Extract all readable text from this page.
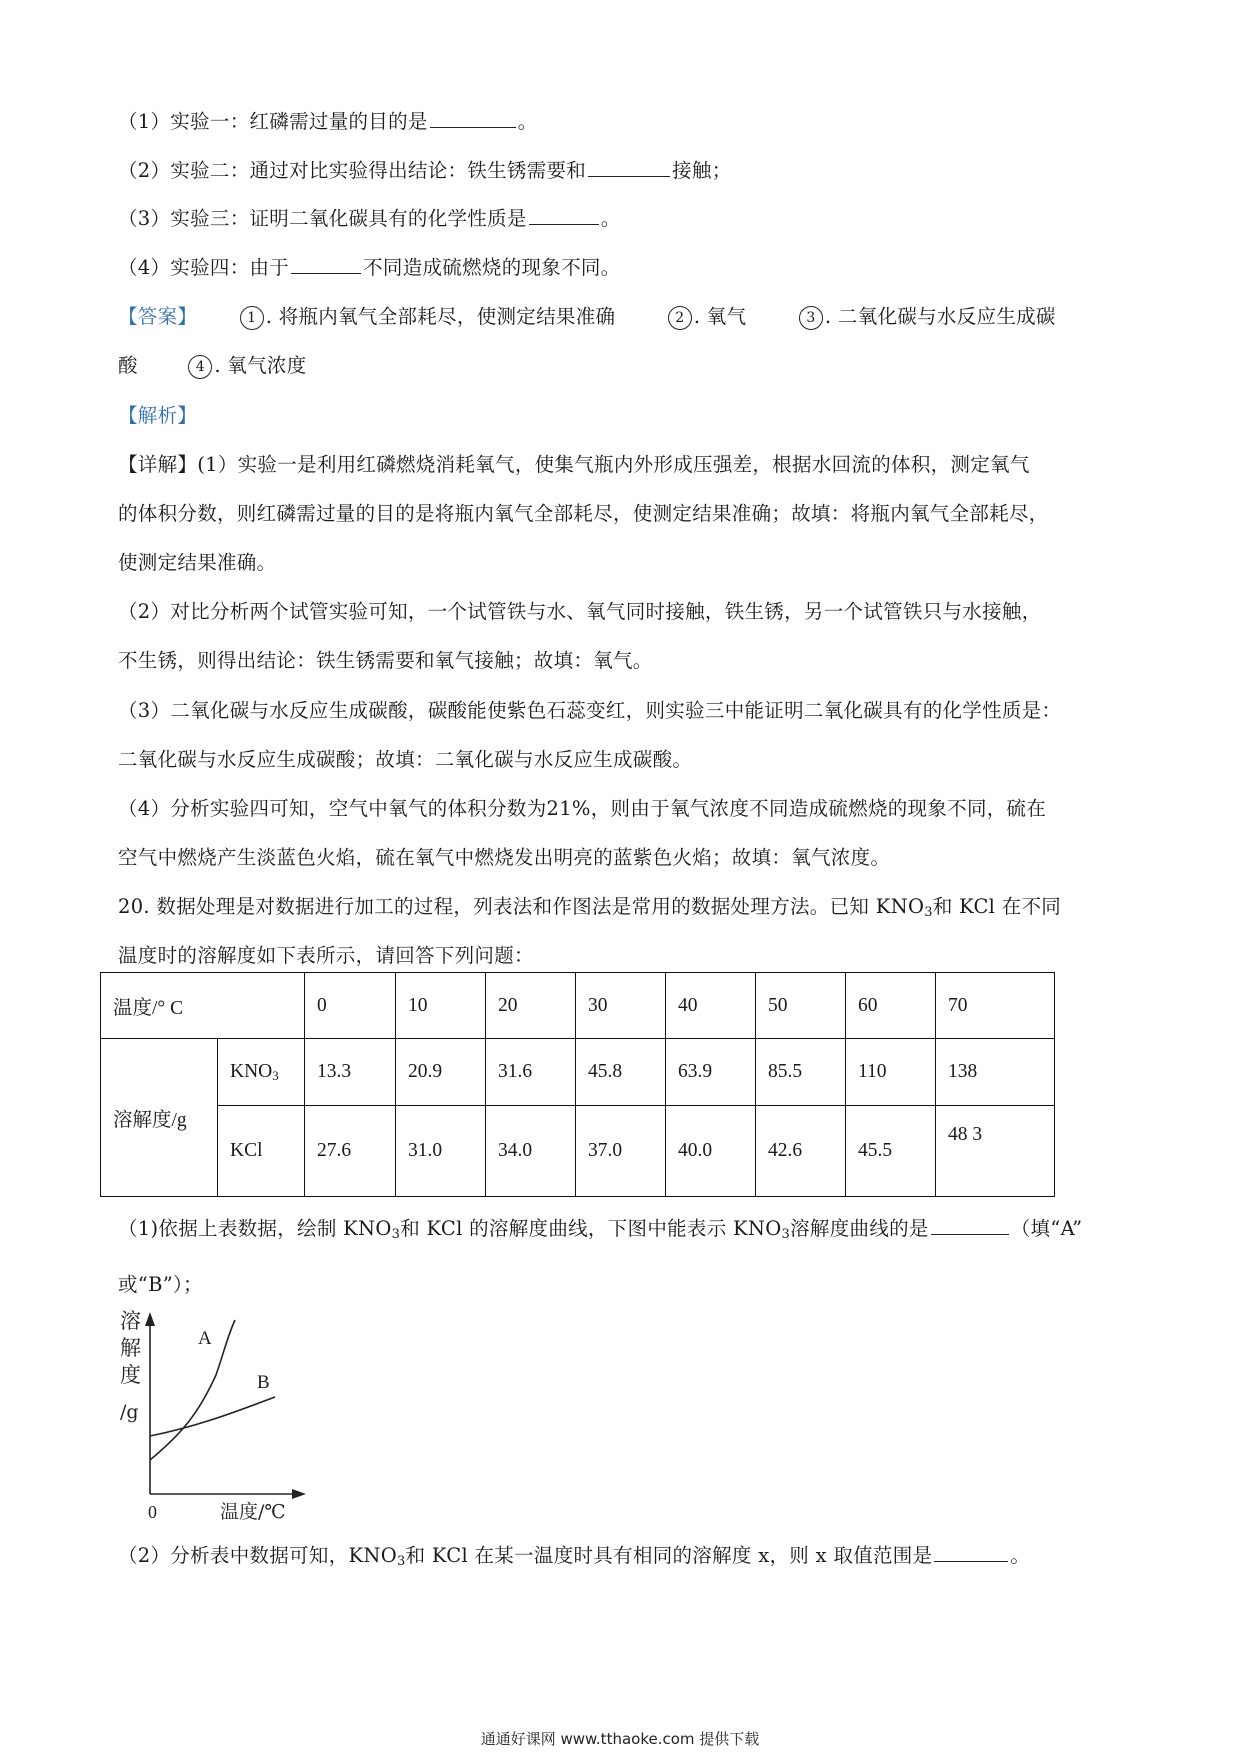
（1）实验一：红磷需过量的目的是	。
（2）实验二：通过对比实验得出结论：铁生锈需要和	接触；
（3）实验三：证明二氧化碳具有的化学性质是	。
（4）实验四：由于	不同造成硫燃烧的现象不同。
【答案】	1 . 将瓶内氧气全部耗尽，使测定结果准确	2 . 氧气	3 . 二氧化碳与水反应生成碳
酸	4 . 氧气浓度
【解析】
【详解】(1）实验一是利用红磷燃烧消耗氧气，使集气瓶内外形成压强差，根据水回流的体积，测定氧气
的体积分数，则红磷需过量的目的是将瓶内氧气全部耗尽，使测定结果准确；故填：将瓶内氧气全部耗尽，
使测定结果准确。
（2）对比分析两个试管实验可知，一个试管铁与水、氧气同时接触，铁生锈，另一个试管铁只与水接触，
不生锈，则得出结论：铁生锈需要和氧气接触；故填：氧气。
（3）二氧化碳与水反应生成碳酸，碳酸能使紫色石蕊变红，则实验三中能证明二氧化碳具有的化学性质是：
二氧化碳与水反应生成碳酸；故填：二氧化碳与水反应生成碳酸。
（4）分析实验四可知，空气中氧气的体积分数为21%，则由于氧气浓度不同造成硫燃烧的现象不同，硫在
空气中燃烧产生淡蓝色火焰，硫在氧气中燃烧发出明亮的蓝紫色火焰；故填：氧气浓度。
20. 数据处理是对数据进行加工的过程，列表法和作图法是常用的数据处理方法。已知 $KNO_3$和 KCl 在不同
温度时的溶解度如下表所示，请回答下列问题：
温度/° C		0	10	20	30	40	50	60	70
溶解度/g	$KNO_3$	13.3	20.9	31.6	45.8	63.9	85.5	110	138
	KCl	27.6	31.0	34.0	37.0	40.0	42.6	45.5	48 3
（1)依据上表数据，绘制 $KNO_3$和 KCl 的溶解度曲线，下图中能表示 $KNO_3$溶解度曲线的是	（填“A”
或“B”）；
溶
解
度
/g
A
B
0	温度/℃
（2）分析表中数据可知，$KNO_3$和 KCl 在某一温度时具有相同的溶解度 x，则 x 取值范围是	。
通通好课网 www.tthaoke.com 提供下载
